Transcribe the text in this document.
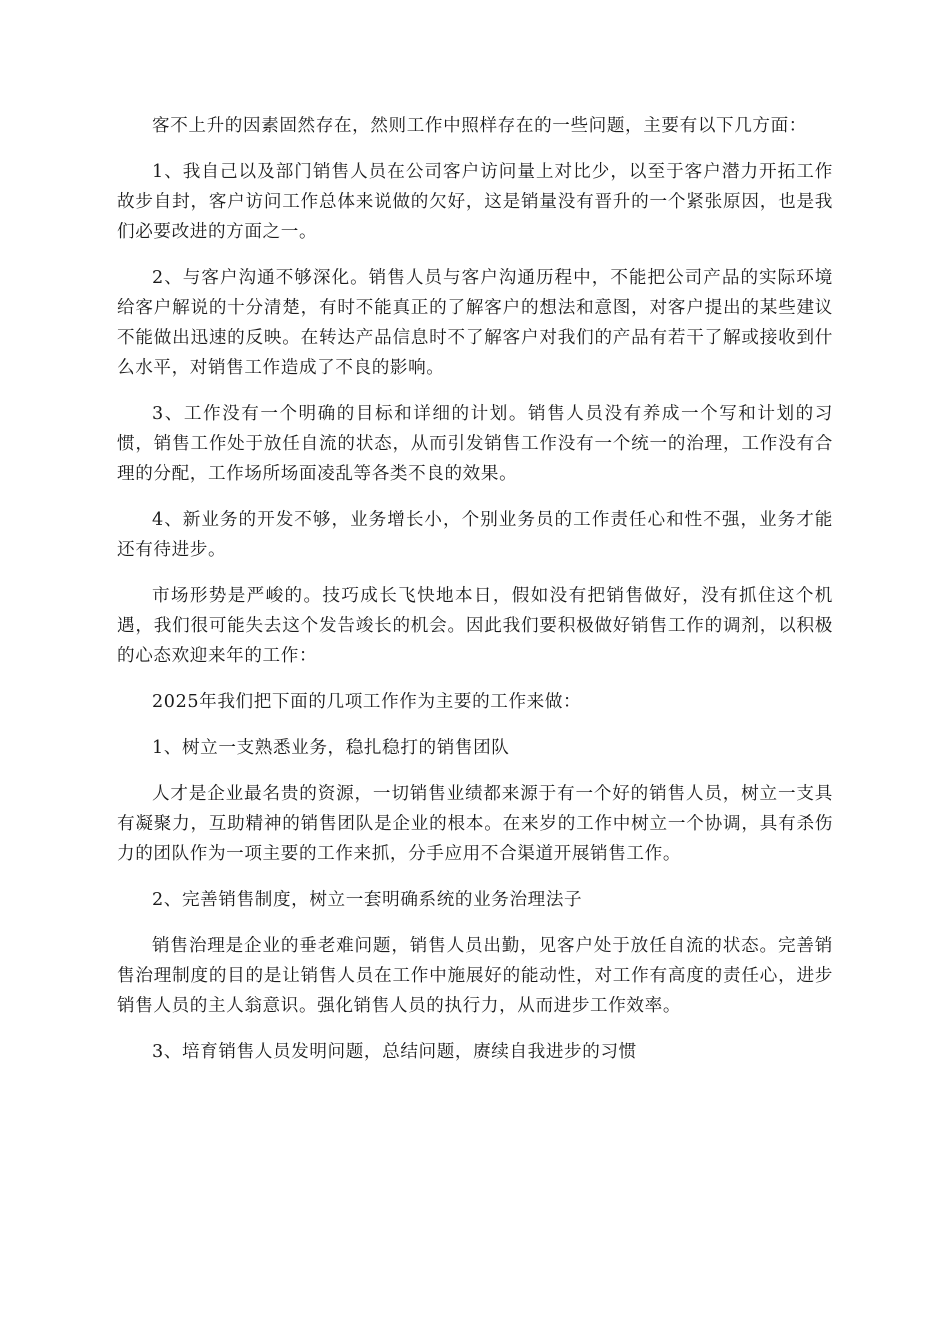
客不上升的因素固然存在，然则工作中照样存在的一些问题，主要有以下几方面：

1、我自己以及部门销售人员在公司客户访问量上对比少，以至于客户潜力开拓工作故步自封，客户访问工作总体来说做的欠好，这是销量没有晋升的一个紧张原因，也是我们必要改进的方面之一。

2、与客户沟通不够深化。销售人员与客户沟通历程中，不能把公司产品的实际环境给客户解说的十分清楚，有时不能真正的了解客户的想法和意图，对客户提出的某些建议不能做出迅速的反映。在转达产品信息时不了解客户对我们的产品有若干了解或接收到什么水平，对销售工作造成了不良的影响。

3、工作没有一个明确的目标和详细的计划。销售人员没有养成一个写和计划的习惯，销售工作处于放任自流的状态，从而引发销售工作没有一个统一的治理，工作没有合理的分配，工作场所场面凌乱等各类不良的效果。

4、新业务的开发不够，业务增长小，个别业务员的工作责任心和性不强，业务才能还有待进步。

市场形势是严峻的。技巧成长飞快地本日，假如没有把销售做好，没有抓住这个机遇，我们很可能失去这个发告竣长的机会。因此我们要积极做好销售工作的调剂，以积极的心态欢迎来年的工作：

2025年我们把下面的几项工作作为主要的工作来做：

1、树立一支熟悉业务，稳扎稳打的销售团队

人才是企业最名贵的资源，一切销售业绩都来源于有一个好的销售人员，树立一支具有凝聚力，互助精神的销售团队是企业的根本。在来岁的工作中树立一个协调，具有杀伤力的团队作为一项主要的工作来抓，分手应用不合渠道开展销售工作。

2、完善销售制度，树立一套明确系统的业务治理法子

销售治理是企业的垂老难问题，销售人员出勤，见客户处于放任自流的状态。完善销售治理制度的目的是让销售人员在工作中施展好的能动性，对工作有高度的责任心，进步销售人员的主人翁意识。强化销售人员的执行力，从而进步工作效率。

3、培育销售人员发明问题，总结问题，赓续自我进步的习惯
